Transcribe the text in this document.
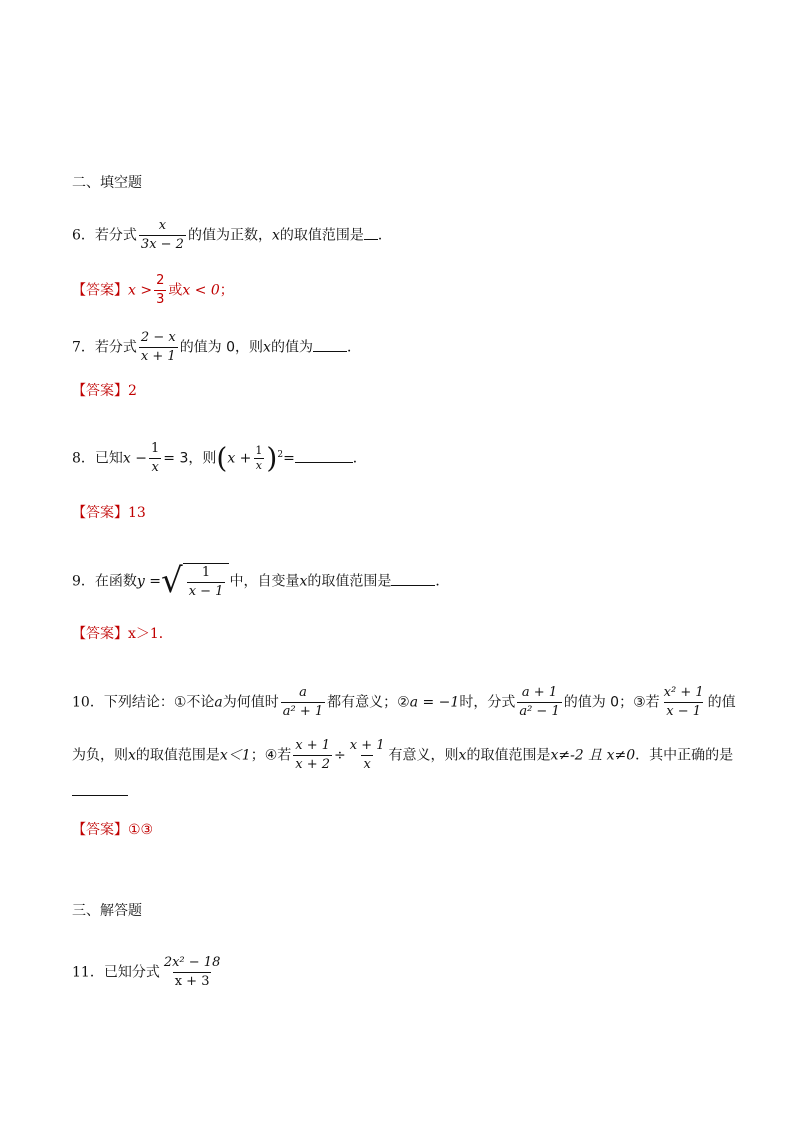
二、填空题
6．若分式 $\frac{x}{3x - 2}$ 的值为正数，x的取值范围是 ．
【答案】$x > \frac{2}{3}$ 或x < 0；
7．若分式 $\frac{2 - x}{x + 1}$ 的值为 0，则x的值为 ．
【答案】2
8．已知$x - \frac{1}{x} = 3$，则$(x + \frac{1}{x} )^2=$	．
【答案】13
9．在函数y = √ $\frac{1}{x - 1}$ 中，自变量x的取值范围是	．
【答案】x＞1．
10．下列结论：①不论a为何值时 $\frac{a}{\text{a² + 1}}$ 都有意义；②a = −1时，分式 $\frac{a + 1}{\text{a² − 1}}$ 的值为 0；③若 $\frac{\text{x² + 1}}{x - 1}$ 的值
为负，则x的取值范围是x＜1；④若 $\frac{x + 1}{x + 2} \div \frac{x + 1}{x}$ 有意义，则x的取值范围是x≠-2 且 x≠0．其中正确的是
【答案】①③
三、解答题
11．已知分式 $\frac{\text{2x² − 18}}{x + 3}$
